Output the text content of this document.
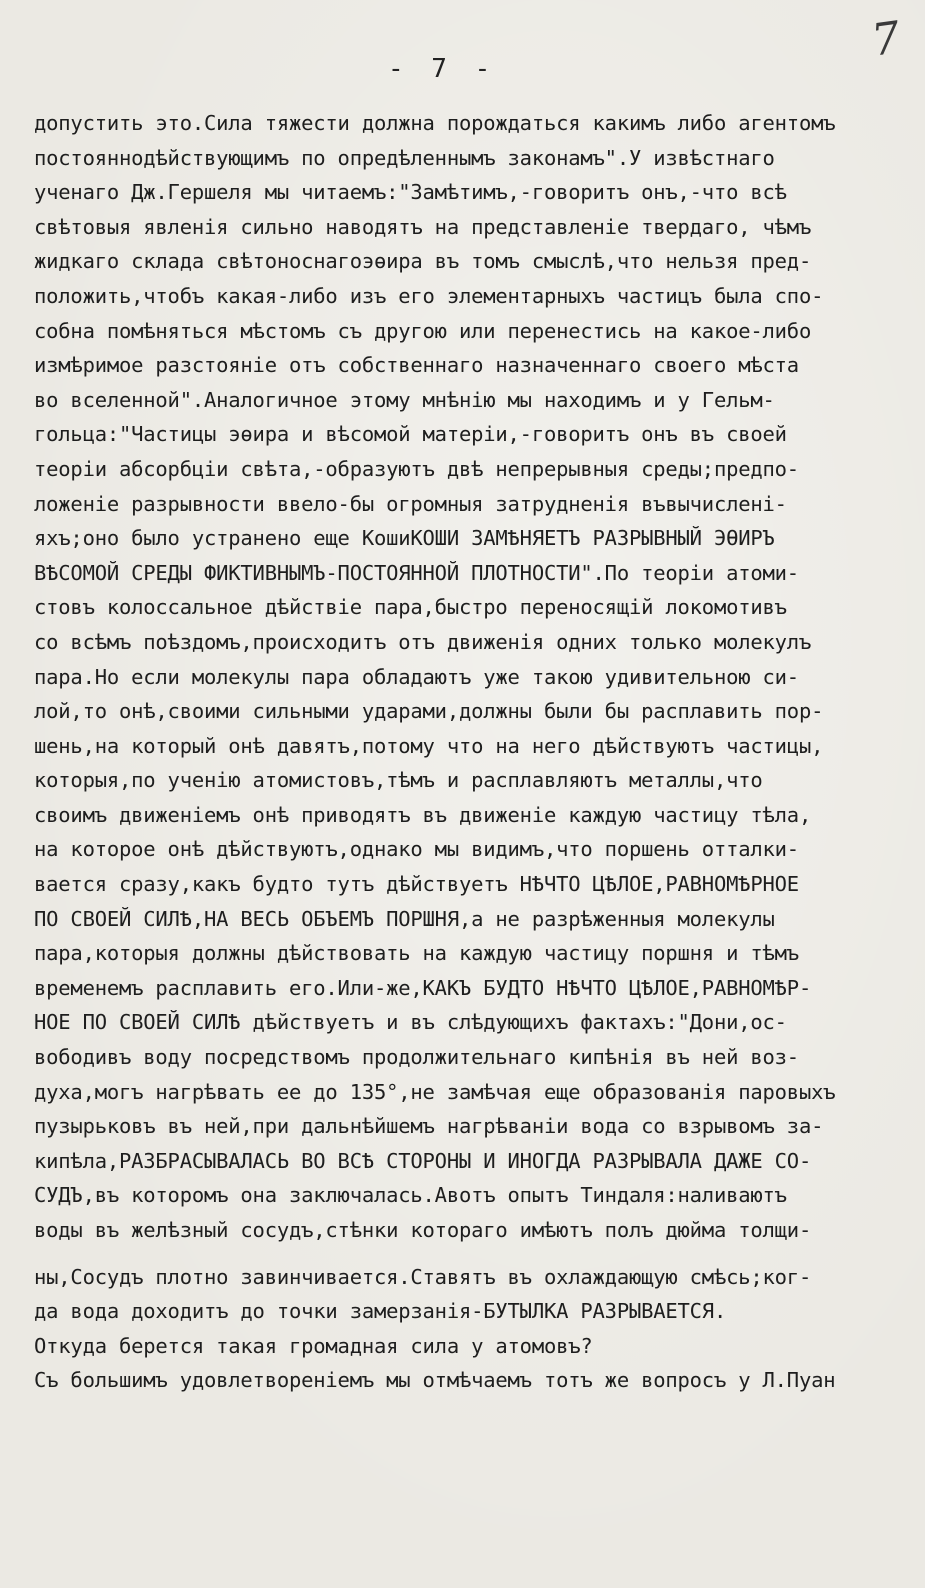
7
- 7 -
допустить это.Сила тяжести должна порождаться какимъ либо агентомъ
постояннодѣйствующимъ по опредѣленнымъ законамъ".У извѣстнаго
ученаго Дж.Гершеля мы читаемъ:"Замѣтимъ,-говоритъ онъ,-что всѣ
свѣтовыя явленія сильно наводятъ на представленіе твердаго, чѣмъ
жидкаго склада свѣтоноснагоэѳира въ томъ смыслѣ,что нельзя пред-
положить,чтобъ какая-либо изъ его элементарныхъ частицъ была спо-
собна помѣняться мѣстомъ съ другою или перенестись на какое-либо
измѣримое разстояніе отъ собственнаго назначеннаго своего мѣста
во вселенной".Аналогичное этому мнѣнію мы находимъ и у Гельм-
гольца:"Частицы эѳира и вѣсомой матеріи,-говоритъ онъ въ своей
теоріи абсорбціи свѣта,-образуютъ двѣ непрерывныя среды;предпо-
ложеніе разрывности ввело-бы огромныя затрудненія въвычислені-
яхъ;оно было устранено еще КошиКОШИ ЗАМѢНЯЕТЪ РАЗРЫВНЫЙ ЭѲИРЪ
ВѢСОМОЙ СРЕДЫ ФИКТИВНЫМЪ-ПОСТОЯННОЙ ПЛОТНОСТИ".По теоріи атоми-
стовъ колоссальное дѣйствіе пара,быстро переносящій локомотивъ
со всѣмъ поѣздомъ,происходитъ отъ движенія одних только молекулъ
пара.Но если молекулы пара обладаютъ уже такою удивительною си-
лой,то онѣ,своими сильными ударами,должны были бы расплавить пор-
шень,на который онѣ давятъ,потому что на него дѣйствуютъ частицы,
которыя,по ученію атомистовъ,тѣмъ и расплавляютъ металлы,что
своимъ движеніемъ онѣ приводятъ въ движеніе каждую частицу тѣла,
на которое онѣ дѣйствуютъ,однако мы видимъ,что поршень отталки-
вается сразу,какъ будто тутъ дѣйствуетъ НѢЧТО ЦѢЛОЕ,РАВНОМѢРНОЕ
ПО СВОЕЙ СИЛѢ,НА ВЕСЬ ОБЪЕМЪ ПОРШНЯ,а не разрѣженныя молекулы
пара,которыя должны дѣйствовать на каждую частицу поршня и тѣмъ
временемъ расплавить его.Или-же,КАКЪ БУДТО НѢЧТО ЦѢЛОЕ,РАВНОМѢР-
НОЕ ПО СВОЕЙ СИЛѢ дѣйствуетъ и въ слѣдующихъ фактахъ:"Дони,ос-
вободивъ воду посредствомъ продолжительнаго кипѣнія въ ней воз-
духа,могъ нагрѣвать ее до 135°,не замѣчая еще образованія паровыхъ
пузырьковъ въ ней,при дальнѣйшемъ нагрѣваніи вода со взрывомъ за-
кипѣла,РАЗБРАСЫВАЛАСЬ ВО ВСѢ СТОРОНЫ И ИНОГДА РАЗРЫВАЛА ДАЖЕ СО-
СУДЪ,въ которомъ она заключалась.Авотъ опытъ Тиндаля:наливаютъ
воды въ желѣзный сосудъ,стѣнки котораго имѣютъ полъ дюйма толщи-
ны,Сосудъ плотно завинчивается.Ставятъ въ охлаждающую смѣсь;ког-
да вода доходитъ до точки замерзанія-БУТЫЛКА РАЗРЫВАЕТСЯ.
Откуда берется такая громадная сила у атомовъ?
Съ большимъ удовлетвореніемъ мы отмѣчаемъ тотъ же вопросъ у Л.Пуан
